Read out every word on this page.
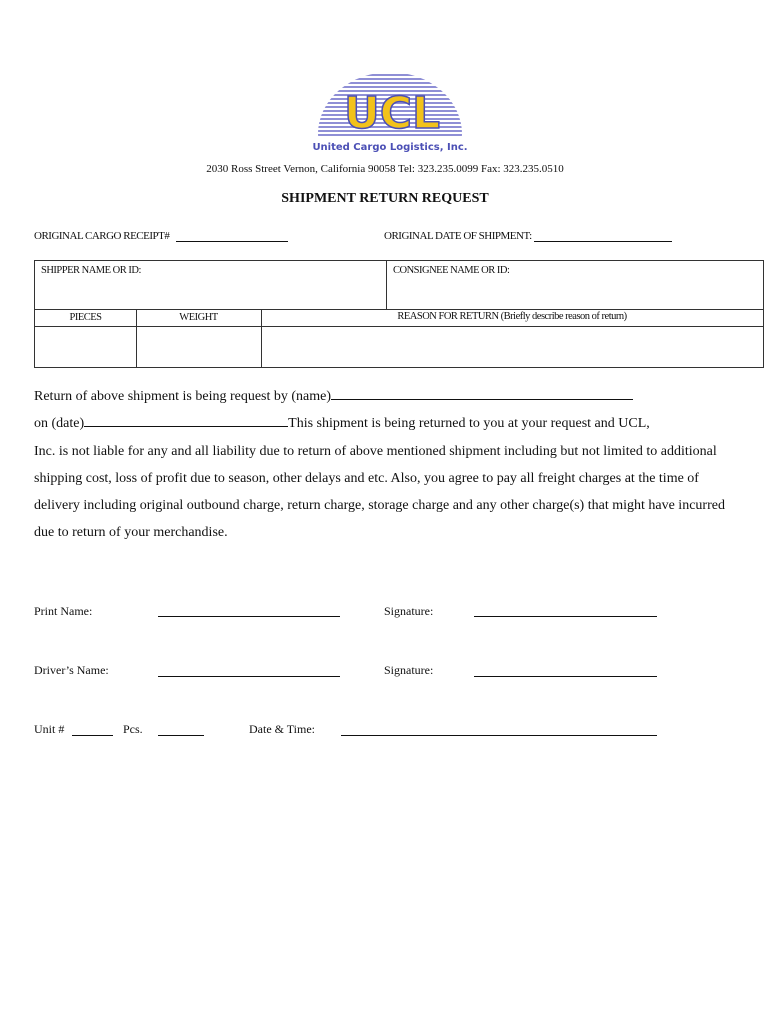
UCL
United Cargo Logistics, Inc.
2030 Ross Street Vernon, California 90058 Tel: 323.235.0099 Fax: 323.235.0510
SHIPMENT RETURN REQUEST
ORIGINAL CARGO RECEIPT#	ORIGINAL DATE OF SHIPMENT:
SHIPPER NAME OR ID:	CONSIGNEE NAME OR ID:
PIECES	WEIGHT	REASON FOR RETURN (Briefly describe reason of return)
Return of above shipment is being request by (name)
on (date)	This shipment is being returned to you at your request and UCL,
Inc. is not liable for any and all liability due to return of above mentioned shipment including but not limited to additional shipping cost, loss of profit due to season, other delays and etc. Also, you agree to pay all freight charges at the time of delivery including original outbound charge, return charge, storage charge and any other charge(s) that might have incurred due to return of your merchandise.
Print Name:	Signature:
Driver’s Name:	Signature:
Unit #	Pcs.	Date & Time:
